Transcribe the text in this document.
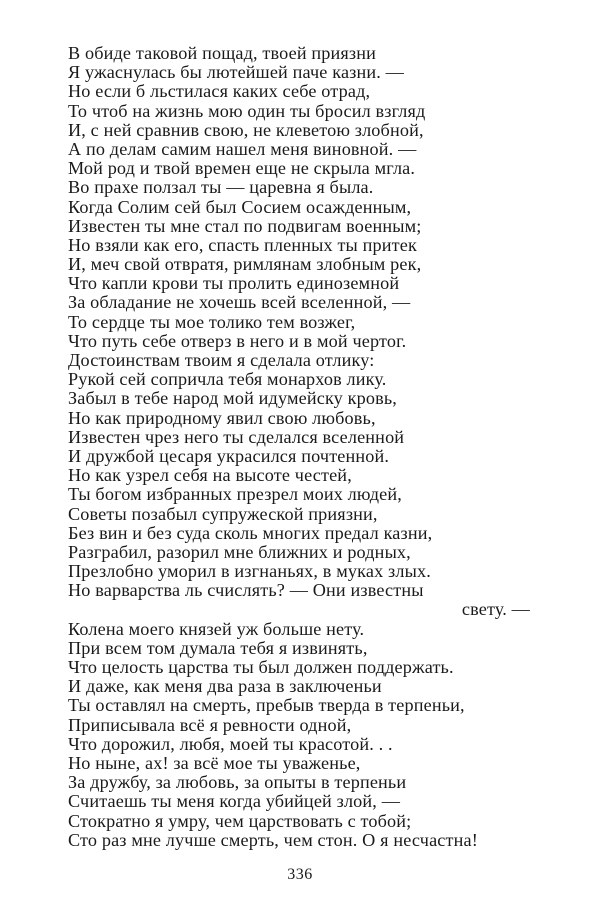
В обиде таковой пощад, твоей приязни
Я ужаснулась бы лютейшей паче казни. —
Но если б льстилася каких себе отрад,
То чтоб на жизнь мою один ты бросил взгляд
И, с ней сравнив свою, не клеветою злобной,
А по делам самим нашел меня виновной. —
Мой род и твой времен еще не скрыла мгла.
Во прахе ползал ты — царевна я была.
Когда Солим сей был Сосием осажденным,
Известен ты мне стал по подвигам военным;
Но взяли как его, спасть пленных ты притек
И, меч свой отвратя, римлянам злобным рек,
Что капли крови ты пролить единоземной
За обладание не хочешь всей вселенной, —
То сердце ты мое толико тем возжег,
Что путь себе отверз в него и в мой чертог.
Достоинствам твоим я сделала отлику:
Рукой сей сопричла тебя монархов лику.
Забыл в тебе народ мой идумейску кровь,
Но как природному явил свою любовь,
Известен чрез него ты сделался вселенной
И дружбой цесаря украсился почтенной.
Но как узрел себя на высоте честей,
Ты богом избранных презрел моих людей,
Советы позабыл супружеской приязни,
Без вин и без суда сколь многих предал казни,
Разграбил, разорил мне ближних и родных,
Презлобно уморил в изгнаньях, в муках злых.
Но варварства ль счислять? — Они известны
свету. —
Колена моего князей уж больше нету.
При всем том думала тебя я извинять,
Что целость царства ты был должен поддержать.
И даже, как меня два раза в заключеньи
Ты оставлял на смерть, пребыв тверда в терпеньи,
Приписывала всё я ревности одной,
Что дорожил, любя, моей ты красотой. . .
Но ныне, ах! за всё мое ты уваженье,
За дружбу, за любовь, за опыты в терпеньи
Считаешь ты меня когда убийцей злой, —
Стократно я умру, чем царствовать с тобой;
Сто раз мне лучше смерть, чем стон. О я несчастна!
336
